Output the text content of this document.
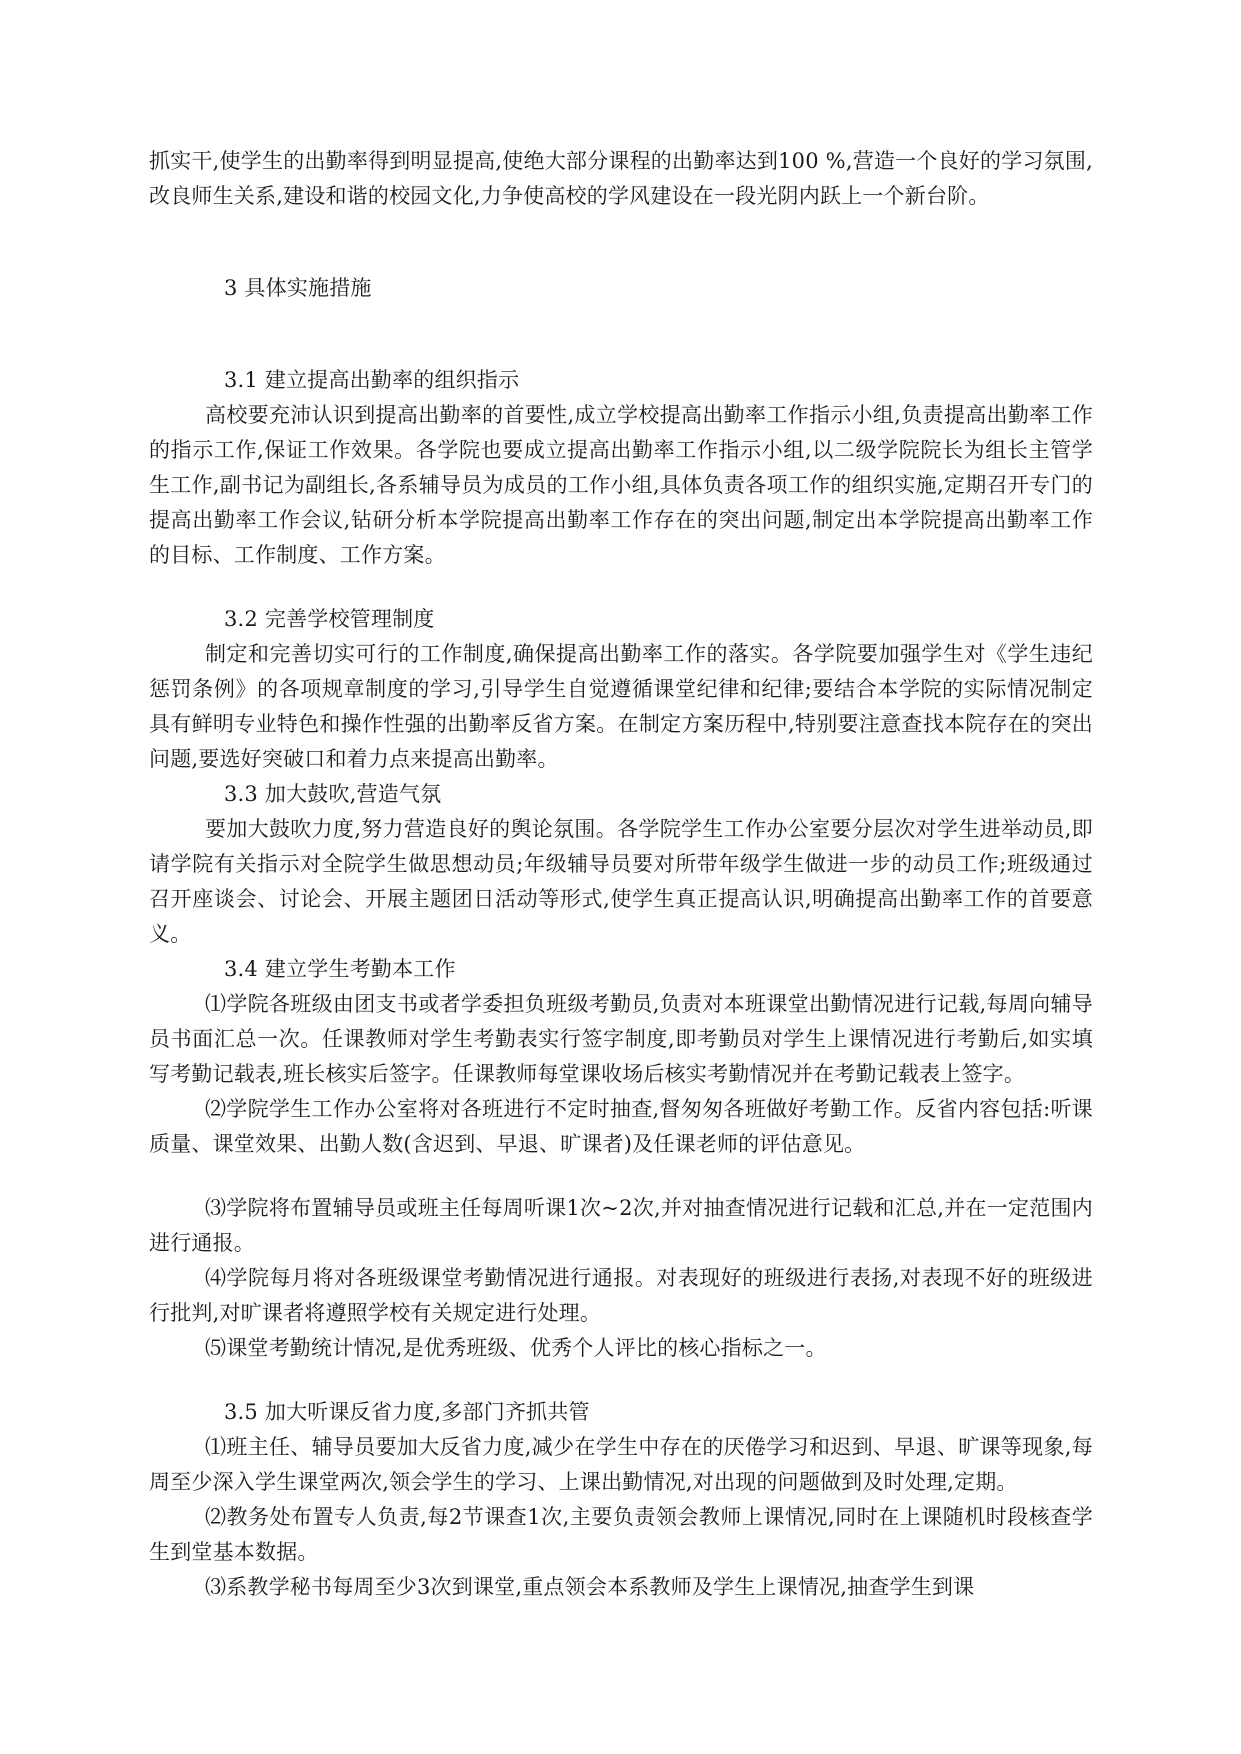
抓实干,使学生的出勤率得到明显提高,使绝大部分课程的出勤率达到100 %,营造一个良好的学习氛围,改良师生关系,建设和谐的校园文化,力争使高校的学风建设在一段光阴内跃上一个新台阶。

3 具体实施措施

3.1 建立提高出勤率的组织指示

高校要充沛认识到提高出勤率的首要性,成立学校提高出勤率工作指示小组,负责提高出勤率工作的指示工作,保证工作效果。各学院也要成立提高出勤率工作指示小组,以二级学院院长为组长主管学生工作,副书记为副组长,各系辅导员为成员的工作小组,具体负责各项工作的组织实施,定期召开专门的提高出勤率工作会议,钻研分析本学院提高出勤率工作存在的突出问题,制定出本学院提高出勤率工作的目标、工作制度、工作方案。

3.2 完善学校管理制度

制定和完善切实可行的工作制度,确保提高出勤率工作的落实。各学院要加强学生对《学生违纪惩罚条例》的各项规章制度的学习,引导学生自觉遵循课堂纪律和纪律;要结合本学院的实际情况制定具有鲜明专业特色和操作性强的出勤率反省方案。在制定方案历程中,特别要注意查找本院存在的突出问题,要选好突破口和着力点来提高出勤率。

3.3 加大鼓吹,营造气氛

要加大鼓吹力度,努力营造良好的舆论氛围。各学院学生工作办公室要分层次对学生进举动员,即请学院有关指示对全院学生做思想动员;年级辅导员要对所带年级学生做进一步的动员工作;班级通过召开座谈会、讨论会、开展主题团日活动等形式,使学生真正提高认识,明确提高出勤率工作的首要意义。

3.4 建立学生考勤本工作

⑴学院各班级由团支书或者学委担负班级考勤员,负责对本班课堂出勤情况进行记载,每周向辅导员书面汇总一次。任课教师对学生考勤表实行签字制度,即考勤员对学生上课情况进行考勤后,如实填写考勤记载表,班长核实后签字。任课教师每堂课收场后核实考勤情况并在考勤记载表上签字。

⑵学院学生工作办公室将对各班进行不定时抽查,督匆匆各班做好考勤工作。反省内容包括:听课质量、课堂效果、出勤人数(含迟到、早退、旷课者)及任课老师的评估意见。

⑶学院将布置辅导员或班主任每周听课1次~2次,并对抽查情况进行记载和汇总,并在一定范围内进行通报。

⑷学院每月将对各班级课堂考勤情况进行通报。对表现好的班级进行表扬,对表现不好的班级进行批判,对旷课者将遵照学校有关规定进行处理。

⑸课堂考勤统计情况,是优秀班级、优秀个人评比的核心指标之一。

3.5 加大听课反省力度,多部门齐抓共管

⑴班主任、辅导员要加大反省力度,减少在学生中存在的厌倦学习和迟到、早退、旷课等现象,每周至少深入学生课堂两次,领会学生的学习、上课出勤情况,对出现的问题做到及时处理,定期。

⑵教务处布置专人负责,每2节课查1次,主要负责领会教师上课情况,同时在上课随机时段核查学生到堂基本数据。

⑶系教学秘书每周至少3次到课堂,重点领会本系教师及学生上课情况,抽查学生到课
